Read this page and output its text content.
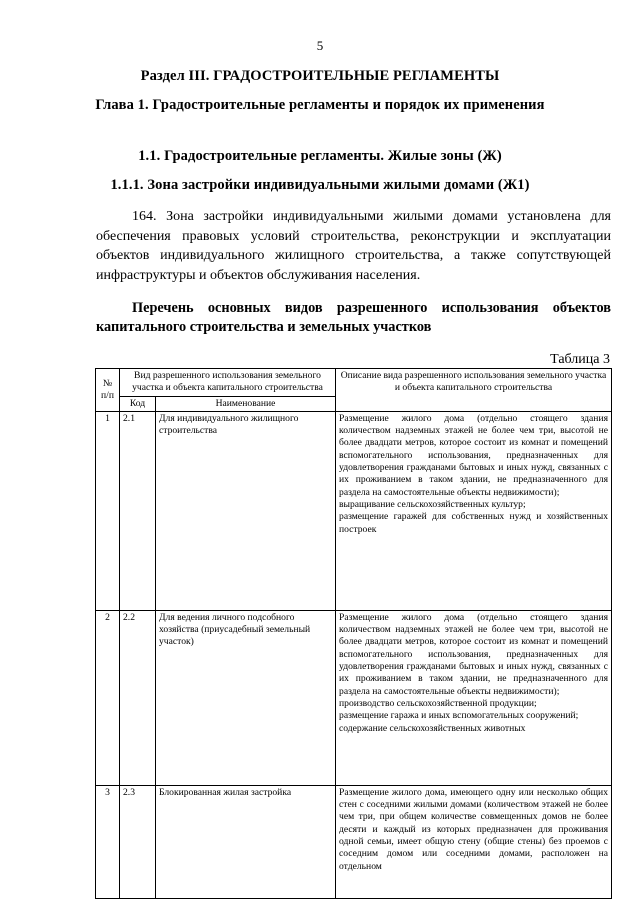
5
Раздел III. ГРАДОСТРОИТЕЛЬНЫЕ РЕГЛАМЕНТЫ
Глава 1. Градостроительные регламенты и порядок их применения
1.1. Градостроительные регламенты. Жилые зоны (Ж)
1.1.1. Зона застройки индивидуальными жилыми домами (Ж1)
164. Зона застройки индивидуальными жилыми домами установлена для обеспечения правовых условий строительства, реконструкции и эксплуатации объектов индивидуального жилищного строительства, а также сопутствующей инфраструктуры и объектов обслуживания населения.
Перечень основных видов разрешенного использования объектов капитального строительства и земельных участков
Таблица 3
№ п/п	Вид разрешенного использования земельного участка и объекта капитального строительства		Описание вида разрешенного использования земельного участка и объекта капитального строительства
	Код	Наименование	
1	2.1	Для индивидуального жилищного строительства	Размещение жилого дома (отдельно стоящего здания количеством надземных этажей не более чем три, высотой не более двадцати метров, которое состоит из комнат и помещений вспомогательного использования, предназначенных для удовлетворения гражданами бытовых и иных нужд, связанных с их проживанием в таком здании, не предназначенного для раздела на самостоятельные объекты недвижимости);

выращивание сельскохозяйственных культур;

размещение гаражей для собственных нужд и хозяйственных построек

2	2.2	Для ведения личного подсобного хозяйства (приусадебный земельный участок)	Размещение жилого дома (отдельно стоящего здания количеством надземных этажей не более чем три, высотой не более двадцати метров, которое состоит из комнат и помещений вспомогательного использования, предназначенных для удовлетворения гражданами бытовых и иных нужд, связанных с их проживанием в таком здании, не предназначенного для раздела на самостоятельные объекты недвижимости);

производство сельскохозяйственной продукции;

размещение гаража и иных вспомогательных сооружений;

содержание сельскохозяйственных животных

3	2.3	Блокированная жилая застройка	Размещение жилого дома, имеющего одну или несколько общих стен с соседними жилыми домами (количеством этажей не более чем три, при общем количестве совмещенных домов не более десяти и каждый из которых предназначен для проживания одной семьи, имеет общую стену (общие стены) без проемов с соседним домом или соседними домами, расположен на отдельном
